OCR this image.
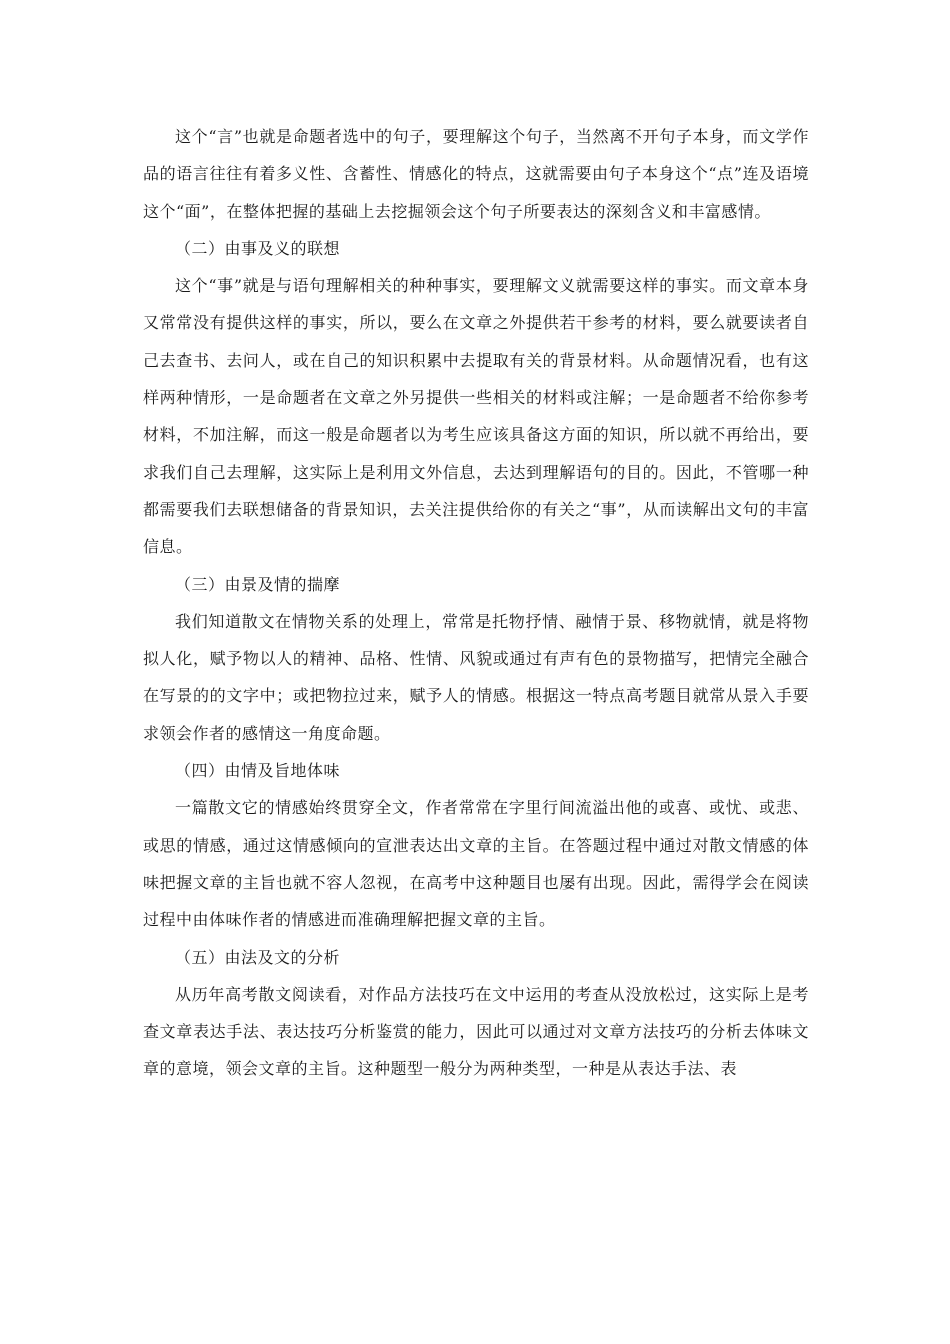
这个“言”也就是命题者选中的句子，要理解这个句子，当然离不开句子本身，而文学作品的语言往往有着多义性、含蓄性、情感化的特点，这就需要由句子本身这个“点”连及语境这个“面”，在整体把握的基础上去挖掘领会这个句子所要表达的深刻含义和丰富感情。

（二）由事及义的联想

这个“事”就是与语句理解相关的种种事实，要理解文义就需要这样的事实。而文章本身又常常没有提供这样的事实，所以，要么在文章之外提供若干参考的材料，要么就要读者自己去查书、去问人，或在自己的知识积累中去提取有关的背景材料。从命题情况看，也有这样两种情形，一是命题者在文章之外另提供一些相关的材料或注解；一是命题者不给你参考材料，不加注解，而这一般是命题者以为考生应该具备这方面的知识，所以就不再给出，要求我们自己去理解，这实际上是利用文外信息，去达到理解语句的目的。因此，不管哪一种都需要我们去联想储备的背景知识，去关注提供给你的有关之“事”，从而读解出文句的丰富信息。

（三）由景及情的揣摩

我们知道散文在情物关系的处理上，常常是托物抒情、融情于景、移物就情，就是将物拟人化，赋予物以人的精神、品格、性情、风貌或通过有声有色的景物描写，把情完全融合在写景的的文字中；或把物拉过来，赋予人的情感。根据这一特点高考题目就常从景入手要求领会作者的感情这一角度命题。

（四）由情及旨地体味

一篇散文它的情感始终贯穿全文，作者常常在字里行间流溢出他的或喜、或忧、或悲、或思的情感，通过这情感倾向的宣泄表达出文章的主旨。在答题过程中通过对散文情感的体味把握文章的主旨也就不容人忽视，在高考中这种题目也屡有出现。因此，需得学会在阅读过程中由体味作者的情感进而准确理解把握文章的主旨。

（五）由法及文的分析

从历年高考散文阅读看，对作品方法技巧在文中运用的考查从没放松过，这实际上是考查文章表达手法、表达技巧分析鉴赏的能力，因此可以通过对文章方法技巧的分析去体味文章的意境，领会文章的主旨。这种题型一般分为两种类型，一种是从表达手法、表
